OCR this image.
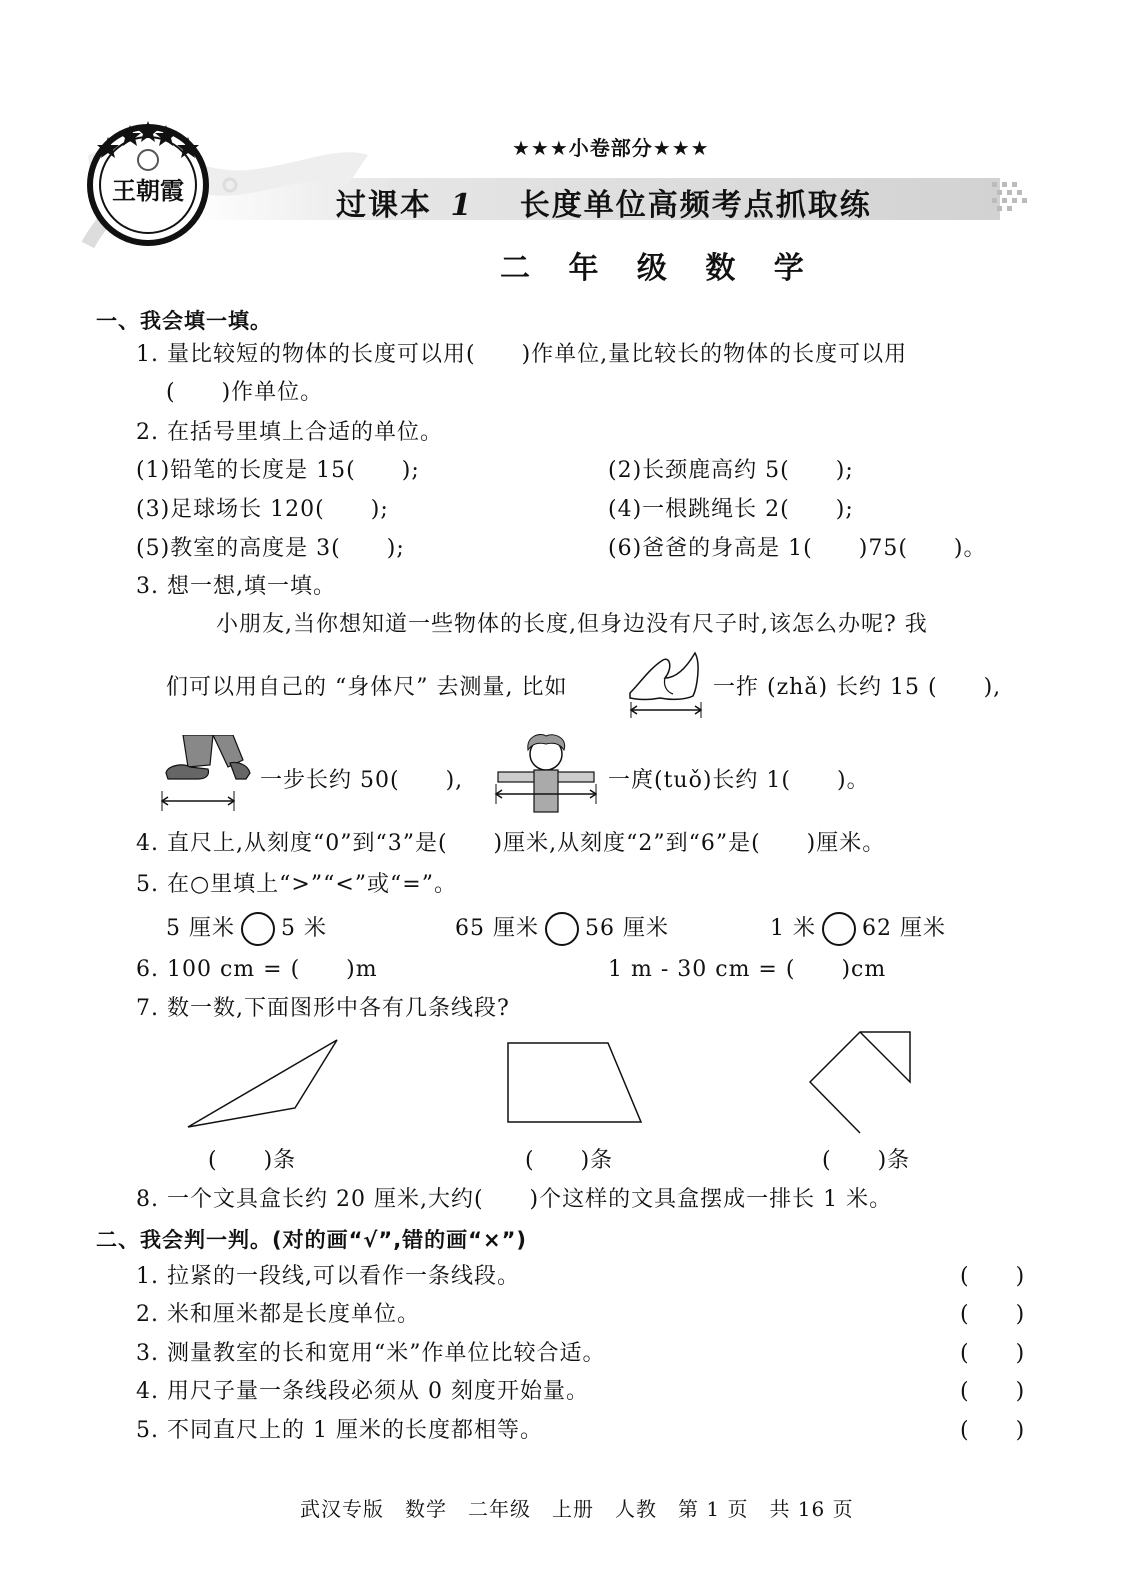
王朝霞
★★★小卷部分★★★
过课本 1 长度单位高频考点抓取练
二 年 级 数 学
一、我会填一填。
1. 量比较短的物体的长度可以用(　　)作单位,量比较长的物体的长度可以用
(　　)作单位。
2. 在括号里填上合适的单位。
(1)铅笔的长度是 15(　　);	(2)长颈鹿高约 5(　　);
(3)足球场长 120(　　);	(4)一根跳绳长 2(　　);
(5)教室的高度是 3(　　);	(6)爸爸的身高是 1(　　)75(　　)。
3. 想一想,填一填。
小朋友,当你想知道一些物体的长度,但身边没有尺子时,该怎么办呢? 我
们可以用自己的 “身体尺” 去测量, 比如	一拃 (zhǎ) 长约 15 (　　),
一步长约 50(　　),	一庹(tuǒ)长约 1(　　)。
4. 直尺上,从刻度“0”到“3”是(　　)厘米,从刻度“2”到“6”是(　　)厘米。
5. 在○里填上“>”“<”或“=”。
5 厘米 5 米	65 厘米 56 厘米	1 米 62 厘米
6. 100 cm = (　　)m	1 m - 30 cm = (　　)cm
7. 数一数,下面图形中各有几条线段?
(　　)条	(　　)条	(　　)条
8. 一个文具盒长约 20 厘米,大约(　　)个这样的文具盒摆成一排长 1 米。
二、我会判一判。(对的画“√”,错的画“×”)
1. 拉紧的一段线,可以看作一条线段。	(　　)
2. 米和厘米都是长度单位。	(　　)
3. 测量教室的长和宽用“米”作单位比较合适。	(　　)
4. 用尺子量一条线段必须从 0 刻度开始量。	(　　)
5. 不同直尺上的 1 厘米的长度都相等。	(　　)
武汉专版　数学　二年级　上册　人教　第 1 页　共 16 页
